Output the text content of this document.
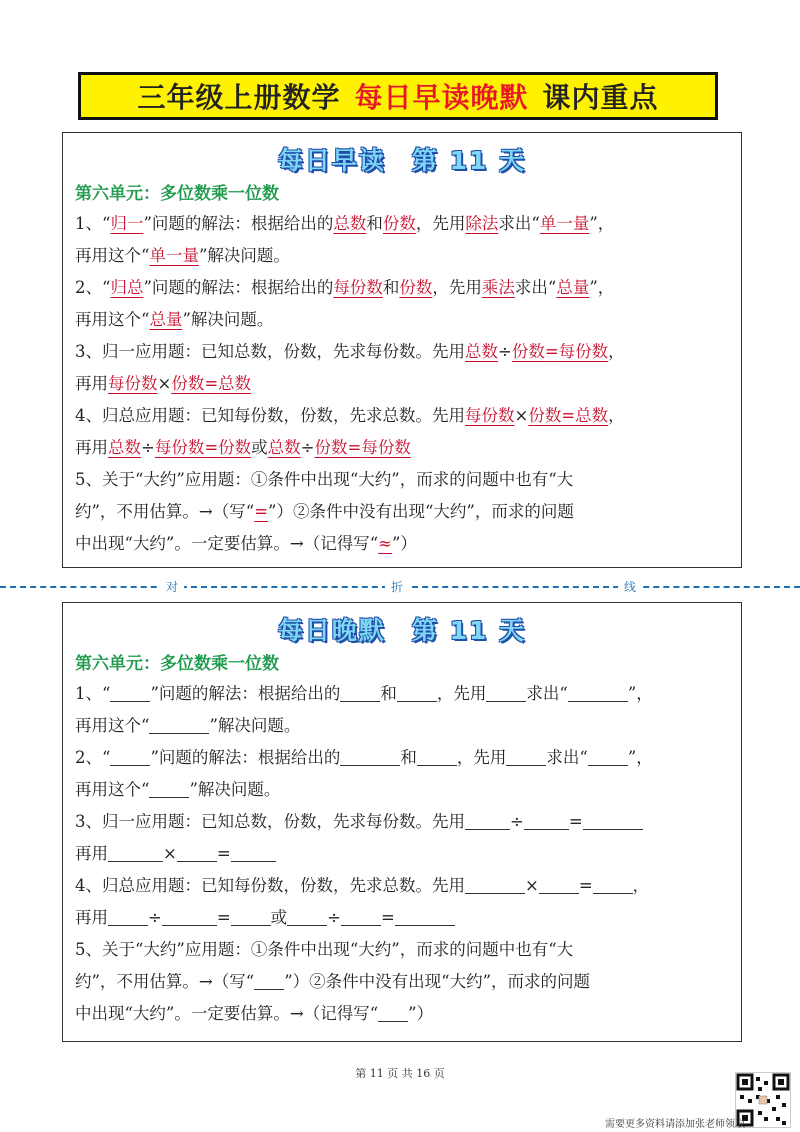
三年级上册数学 每日早读晚默 课内重点
每日早读 第 11 天
第六单元：多位数乘一位数

1、“归一”问题的解法：根据给出的总数和份数，先用除法求出“单一量”，

再用这个“单一量”解决问题。

2、“归总”问题的解法：根据给出的每份数和份数，先用乘法求出“总量”，

再用这个“总量”解决问题。

3、归一应用题：已知总数，份数，先求每份数。先用总数÷份数=每份数，

再用每份数×份数=总数

4、归总应用题：已知每份数，份数，先求总数。先用每份数×份数=总数，

再用总数÷每份数=份数或总数÷份数=每份数

5、关于“大约”应用题：①条件中出现“大约”，而求的问题中也有“大

约”，不用估算。→（写“=”）②条件中没有出现“大约”，而求的问题

中出现“大约”。一定要估算。→（记得写“≈”）

对	折	线
每日晚默 第 11 天
第六单元：多位数乘一位数

1、“ ”问题的解法：根据给出的 和 ，先用 求出“	”，

再用这个“	”解决问题。

2、“ ”问题的解法：根据给出的	和 ，先用 求出“ ”，

再用这个“ ”解决问题。

3、归一应用题：已知总数，份数，先求每份数。先用	÷	=

再用	× =

4、归总应用题：已知每份数，份数，先求总数。先用	× = ，

再用 ÷	= 或 ÷ =

5、关于“大约”应用题：①条件中出现“大约”，而求的问题中也有“大

约”，不用估算。→（写“ ”）②条件中没有出现“大约”，而求的问题

中出现“大约”。一定要估算。→（记得写“ ”）

第 11 页 共 16 页
需要更多资料请添加张老师领取
